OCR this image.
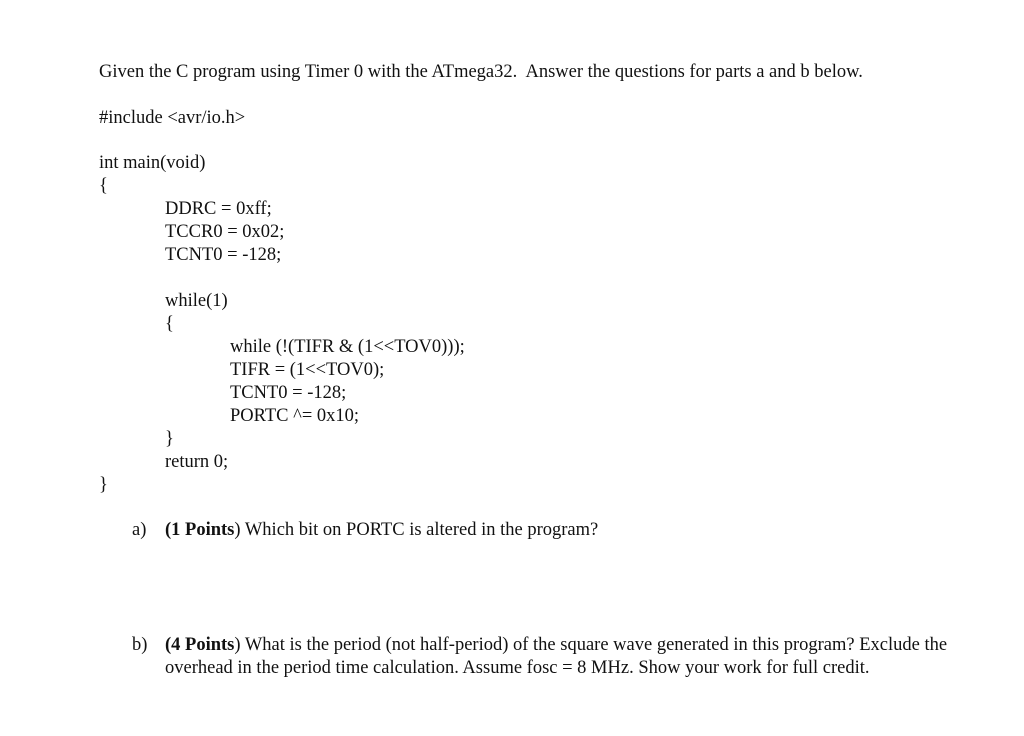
Given the C program using Timer 0 with the ATmega32.  Answer the questions for parts a and b below.

#include <avr/io.h>
int main(void)
{
DDRC = 0xff;
TCCR0 = 0x02;
TCNT0 = -128;
while(1)
{
while (!(TIFR & (1<<TOV0)));
TIFR = (1<<TOV0);
TCNT0 = -128;
PORTC ^= 0x10;
}
return 0;
}
a) (1 Points) Which bit on PORTC is altered in the program?
b) (4 Points) What is the period (not half-period) of the square wave generated in this program? Exclude the overhead in the period time calculation. Assume fosc = 8 MHz. Show your work for full credit.
